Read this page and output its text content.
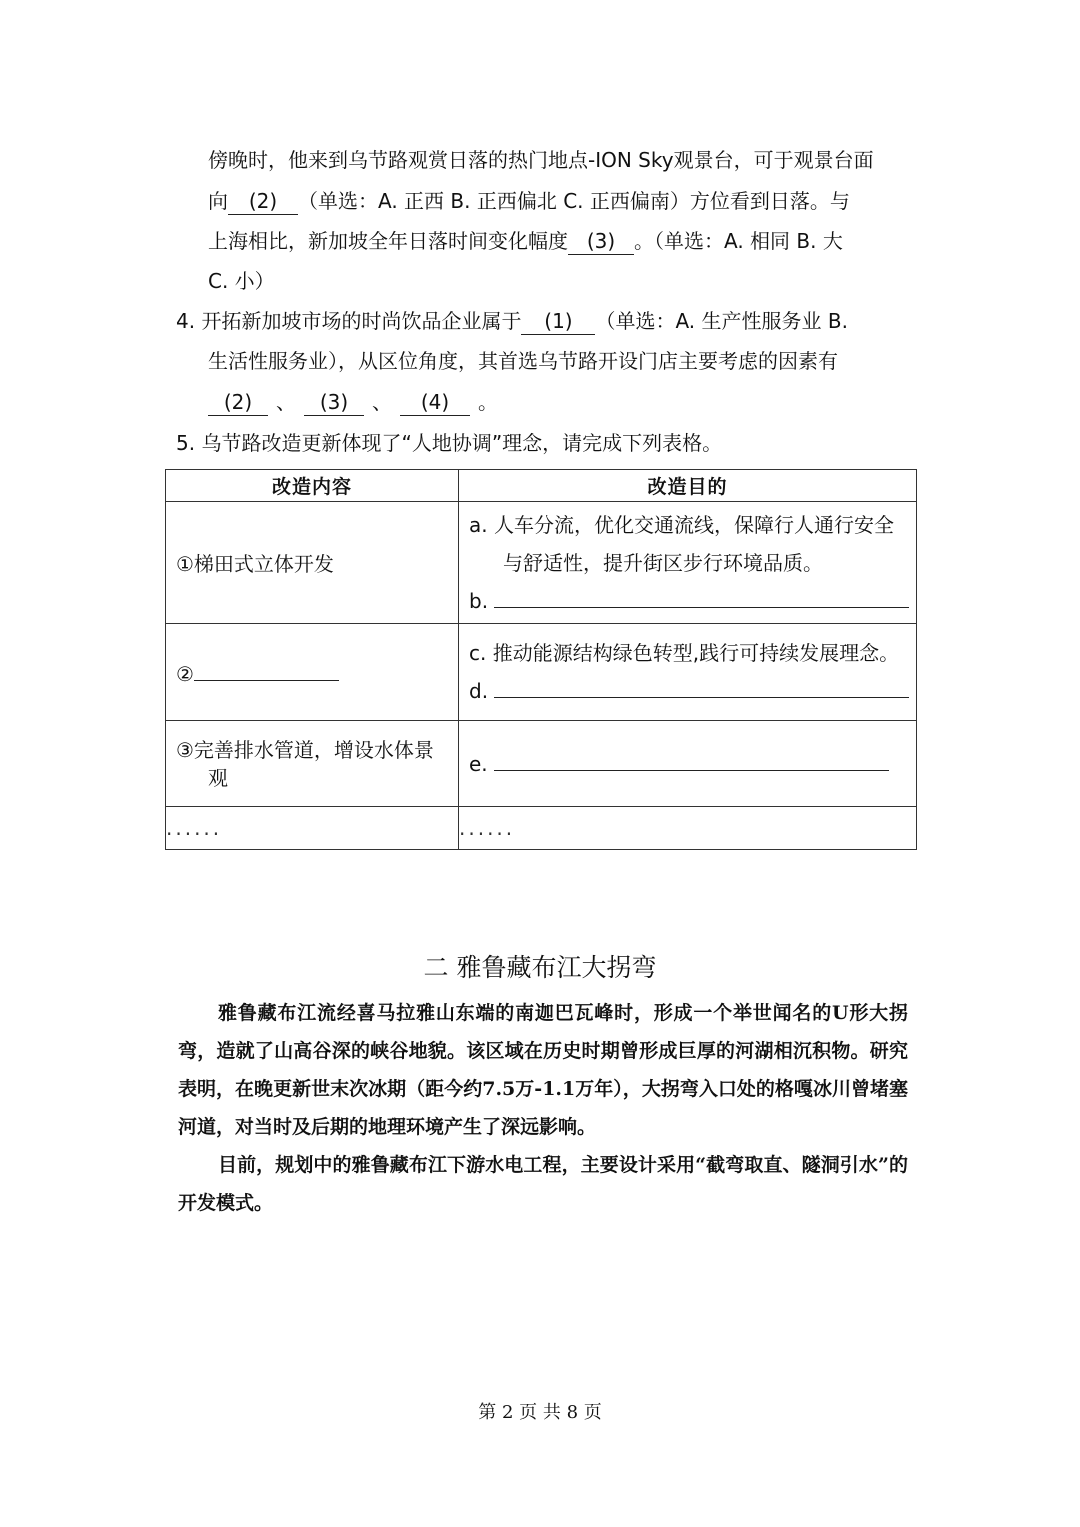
傍晚时，他来到乌节路观赏日落的热门地点-ION Sky观景台，可于观景台面
向 (2) （单选：A. 正西 B. 正西偏北 C. 正西偏南）方位看到日落。与
上海相比，新加坡全年日落时间变化幅度 (3) 。（单选：A. 相同 B. 大
C. 小）
4. 开拓新加坡市场的时尚饮品企业属于 (1) （单选：A. 生产性服务业 B.
生活性服务业），从区位角度，其首选乌节路开设门店主要考虑的因素有
(2) 、 (3) 、 (4) 。
5. 乌节路改造更新体现了“人地协调”理念，请完成下列表格。
改造内容	改造目的
①梯田式立体开发	a. 人车分流，优化交通流线，保障行人通行安全
与舒适性，提升街区步行环境品质。
b.

②	c. 推动能源结构绿色转型,践行可持续发展理念。
d.

③完善排水管道，增设水体景
观	e.

......	......
二 雅鲁藏布江大拐弯

雅鲁藏布江流经喜马拉雅山东端的南迦巴瓦峰时，形成一个举世闻名的U形大拐弯，造就了山高谷深的峡谷地貌。该区域在历史时期曾形成巨厚的河湖相沉积物。研究表明，在晚更新世末次冰期（距今约7.5万-1.1万年），大拐弯入口处的格嘎冰川曾堵塞河道，对当时及后期的地理环境产生了深远影响。

目前，规划中的雅鲁藏布江下游水电工程，主要设计采用“截弯取直、隧洞引水”的开发模式。

第 2 页 共 8 页
